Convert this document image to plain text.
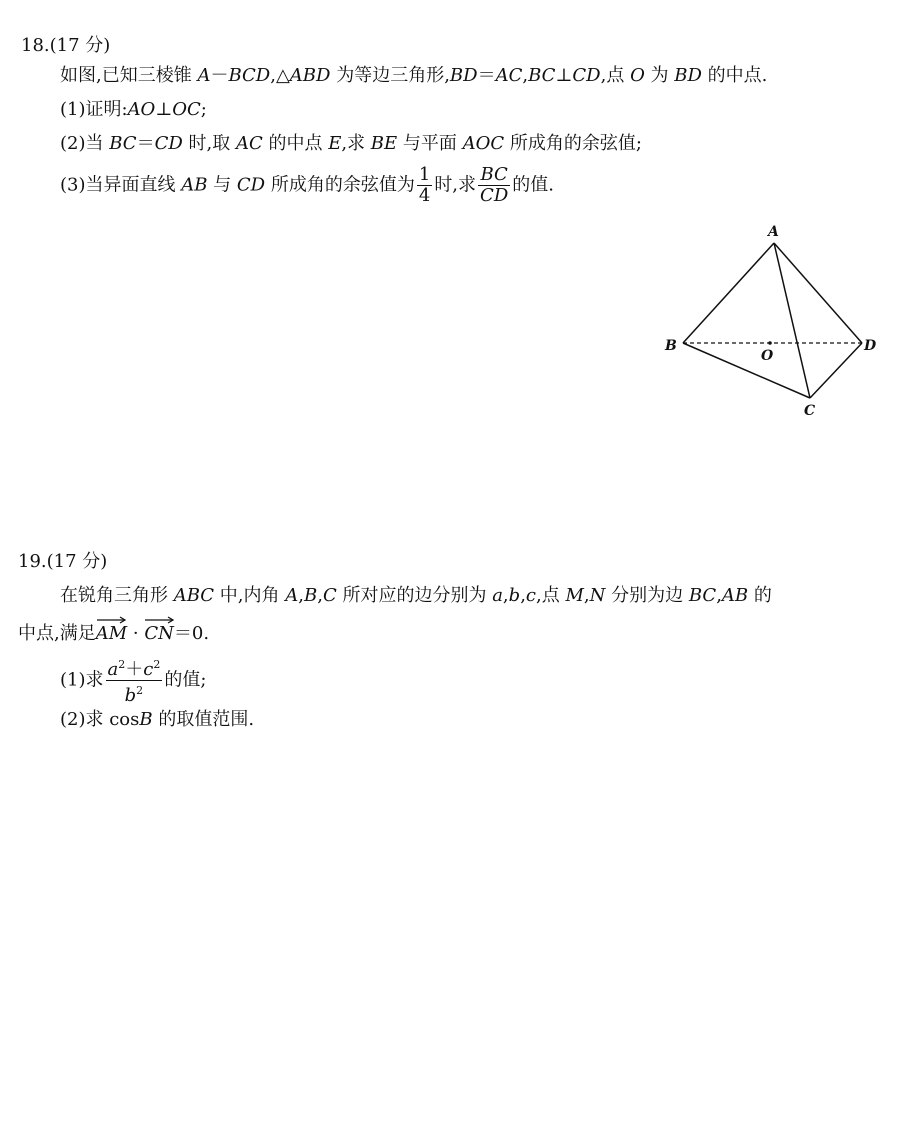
18.(17 分)
如图,已知三棱锥 A－BCD,△ABD 为等边三角形,BD＝AC,BC⊥CD,点 O 为 BD 的中点.
(1)证明:AO⊥OC;
(2)当 BC＝CD 时,取 AC 的中点 E,求 BE 与平面 AOC 所成角的余弦值;
(3)当异面直线 AB 与 CD 所成角的余弦值为 $\frac{1}{4}$ 时,求 $\frac{BC}{CD}$ 的值.
A
B
C
D
O
19.(17 分)
在锐角三角形 ABC 中,内角 A,B,C 所对应的边分别为 a,b,c,点 M,N 分别为边 BC,AB 的
中点,满足
AM ·
CN＝0.
(1)求 $\frac{a^2+c^2}{b^2}$ 的值;
(2)求 cosB 的取值范围.
